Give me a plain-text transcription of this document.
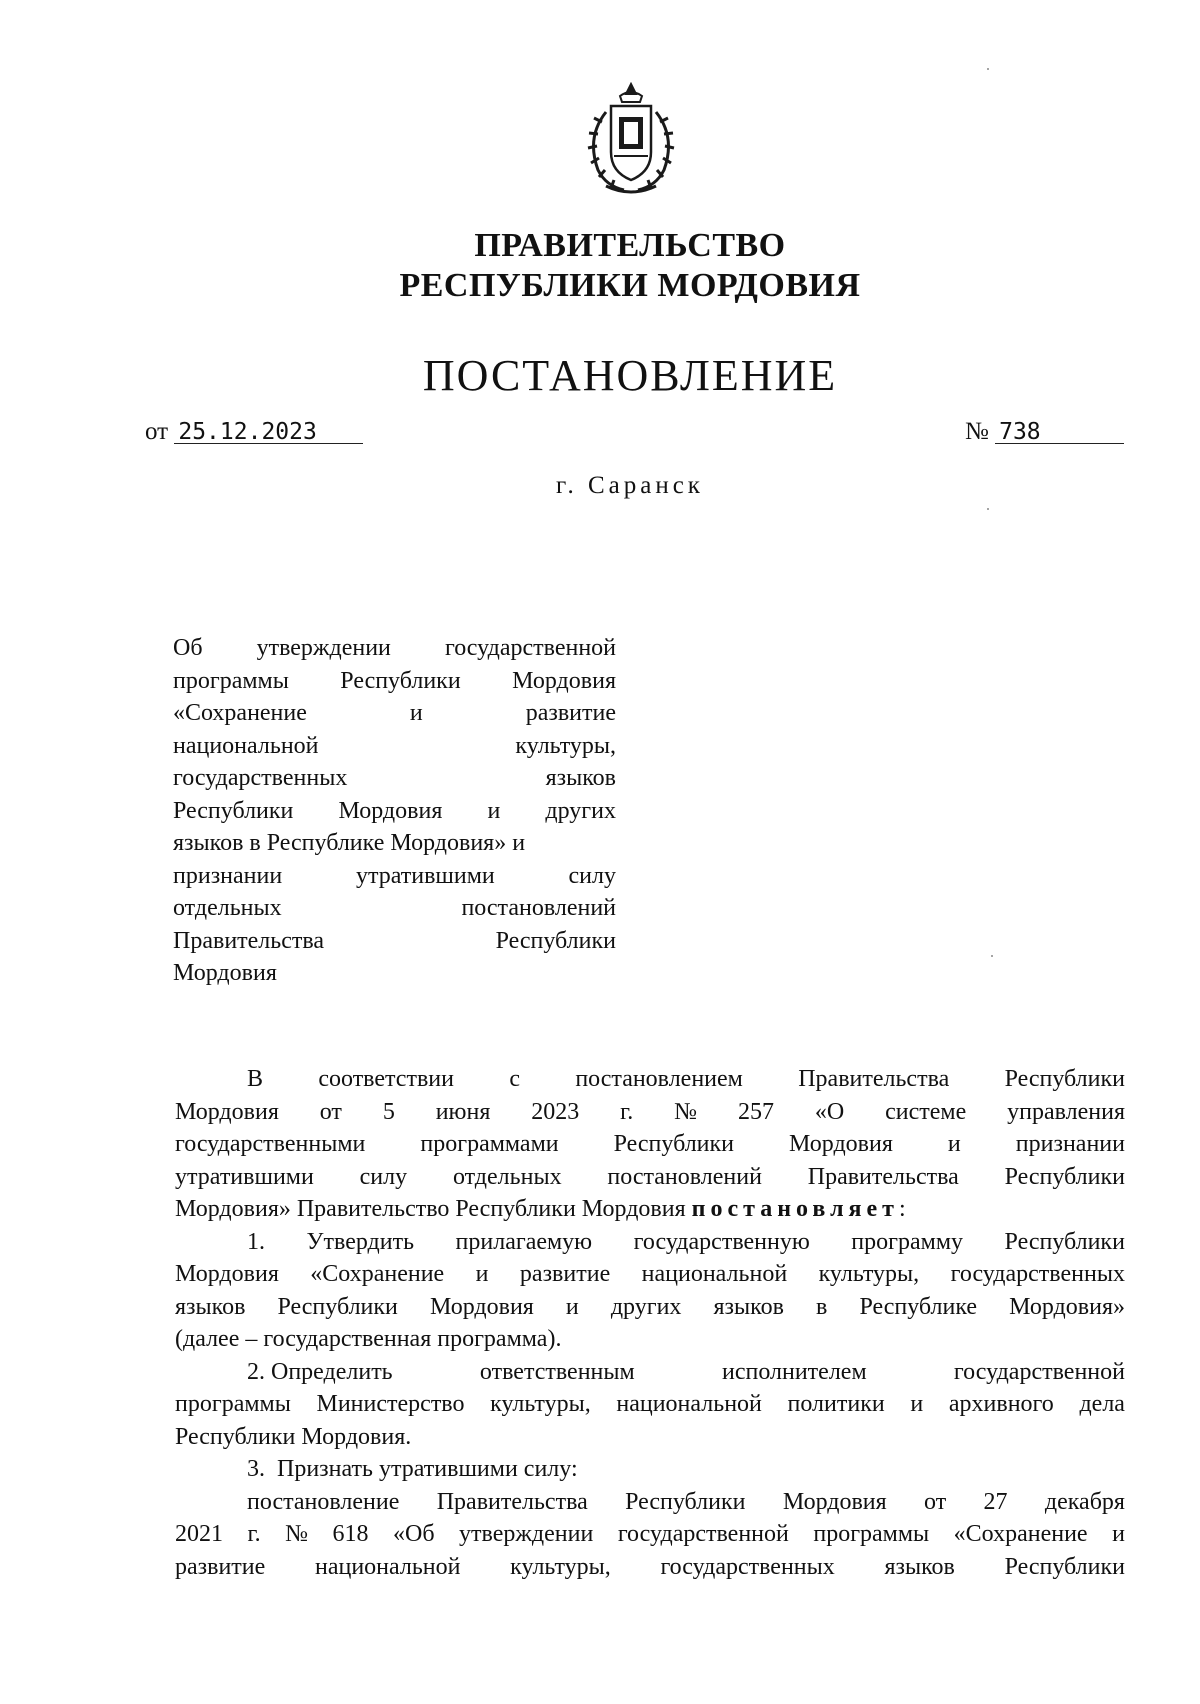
ПРАВИТЕЛЬСТВО
РЕСПУБЛИКИ МОРДОВИЯ
ПОСТАНОВЛЕНИЕ
от 25.12.2023	№ 738
г. Саранск
Об утверждении государственной
программы Республики Мордовия
«Сохранение	и	развитие
национальной	культуры,
государственных	языков
Республики Мордовия и других
языков в Республике Мордовия» и
признании	утратившими	силу
отдельных	постановлений
Правительства	Республики
Мордовия
В соответствии с постановлением Правительства Республики
Мордовия от 5 июня 2023 г. № 257 «О системе управления
государственными программами Республики Мордовия и признании
утратившими силу отдельных постановлений Правительства Республики
Мордовия» Правительство Республики Мордовия постановляет :
1. Утвердить прилагаемую государственную программу Республики
Мордовия «Сохранение и развитие национальной культуры, государственных
языков Республики Мордовия и других языков в Республике Мордовия»
(далее – государственная программа).
2. Определить	ответственным	исполнителем	государственной
программы Министерство культуры, национальной политики и архивного дела
Республики Мордовия.
3.  Признать утратившими силу:
постановление Правительства Республики Мордовия от 27 декабря
2021 г. № 618 «Об утверждении государственной программы «Сохранение и
развитие национальной культуры, государственных языков Республики
